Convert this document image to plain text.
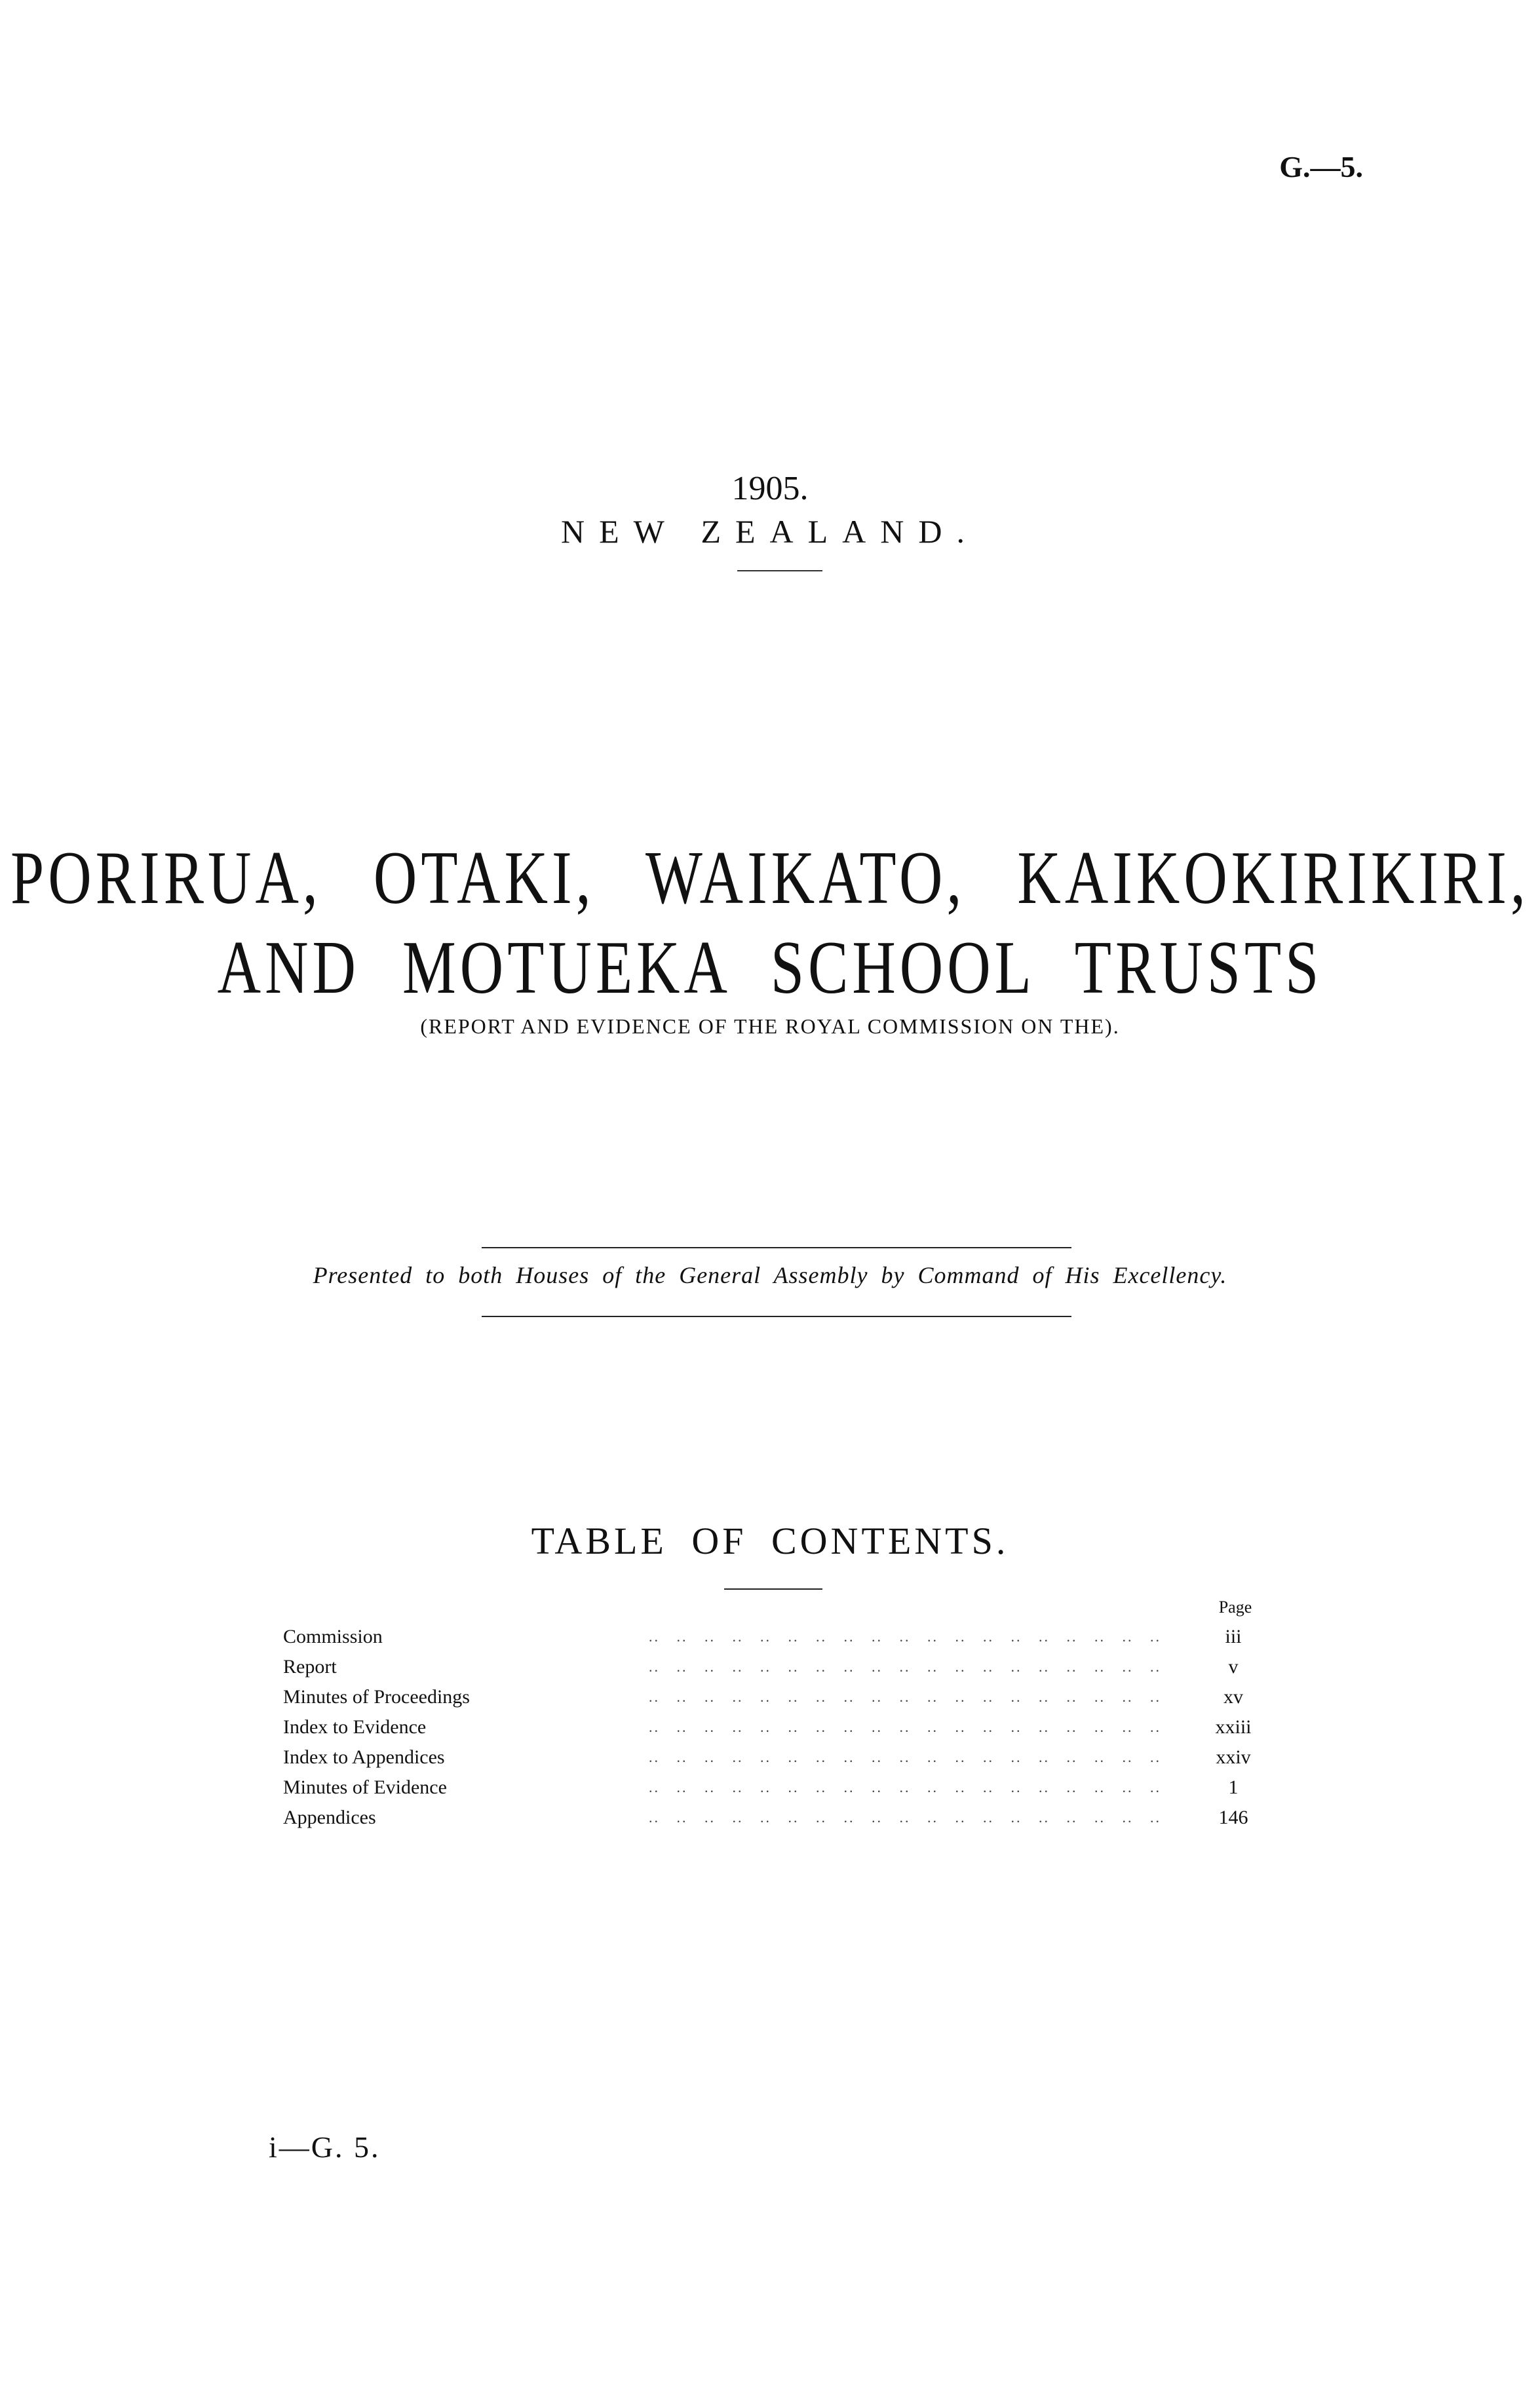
G.—5.
1905.
NEW ZEALAND.
PORIRUA, OTAKI, WAIKATO, KAIKOKIRIKIRI,
AND MOTUEKA SCHOOL TRUSTS
(REPORT AND EVIDENCE OF THE ROYAL COMMISSION ON THE).
Presented to both Houses of the General Assembly by Command of His Excellency.
TABLE OF CONTENTS.
Page
..   ..   ..   ..   ..   ..   ..   ..   ..   ..   ..   ..   ..   ..   ..   ..   ..   ..   ..
Commission	iii
..   ..   ..   ..   ..   ..   ..   ..   ..   ..   ..   ..   ..   ..   ..   ..   ..   ..   ..
Report	v
..   ..   ..   ..   ..   ..   ..   ..   ..   ..   ..   ..   ..   ..   ..   ..   ..   ..   ..
Minutes of Proceedings	xv
..   ..   ..   ..   ..   ..   ..   ..   ..   ..   ..   ..   ..   ..   ..   ..   ..   ..   ..
Index to Evidence	xxiii
..   ..   ..   ..   ..   ..   ..   ..   ..   ..   ..   ..   ..   ..   ..   ..   ..   ..   ..
Index to Appendices	xxiv
..   ..   ..   ..   ..   ..   ..   ..   ..   ..   ..   ..   ..   ..   ..   ..   ..   ..   ..
Minutes of Evidence	1
..   ..   ..   ..   ..   ..   ..   ..   ..   ..   ..   ..   ..   ..   ..   ..   ..   ..   ..
Appendices	146
i—G. 5.
